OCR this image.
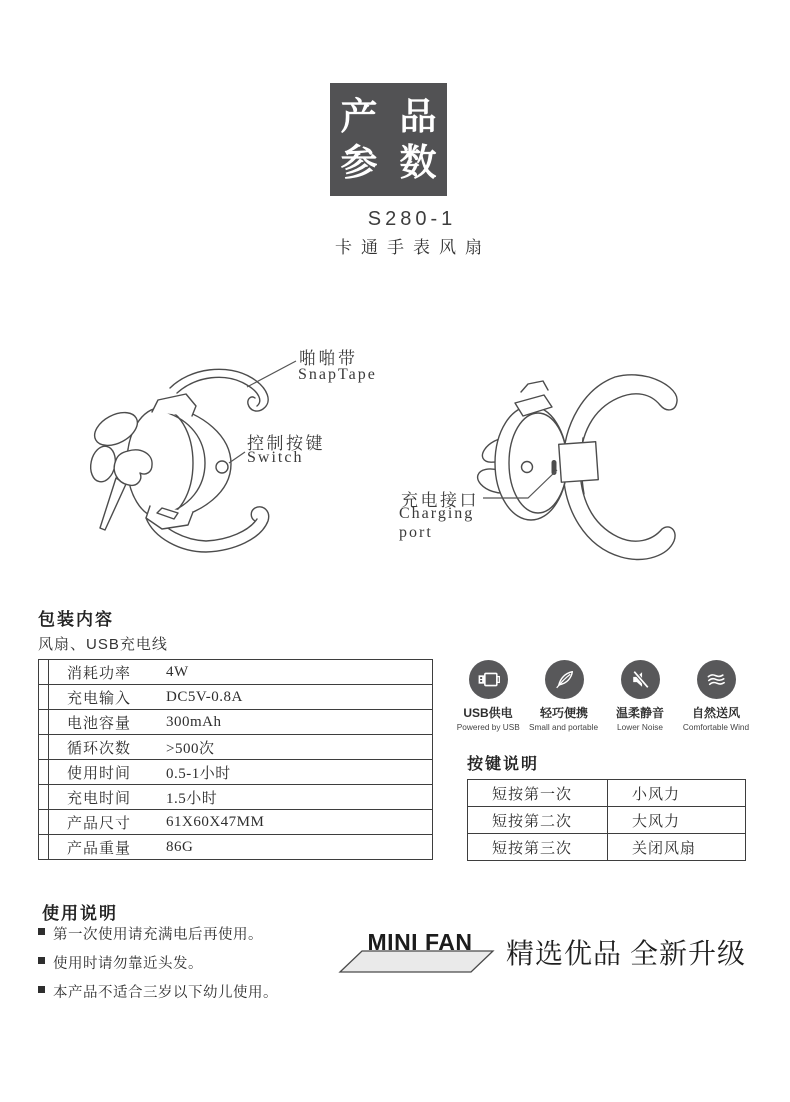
产品
参数
S280-1
卡通手表风扇
啪啪带
SnapTape
控制按键
Switch
充电接口
Charging
port
包装内容
风扇、USB充电线
消耗功率	4W
充电输入	DC5V-0.8A
电池容量	300mAh
循环次数	>500次
使用时间	0.5-1小时
充电时间	1.5小时
产品尺寸	61X60X47MM
产品重量	86G
USB供电
Powered by USB
轻巧便携
Small and portable
温柔静音
Lower Noise
自然送风
Comfortable Wind
按键说明
短按第一次	小风力
短按第二次	大风力
短按第三次	关闭风扇
使用说明
第一次使用请充满电后再使用。
使用时请勿靠近头发。
本产品不适合三岁以下幼儿使用。
MINI FAN	精选优品 全新升级
